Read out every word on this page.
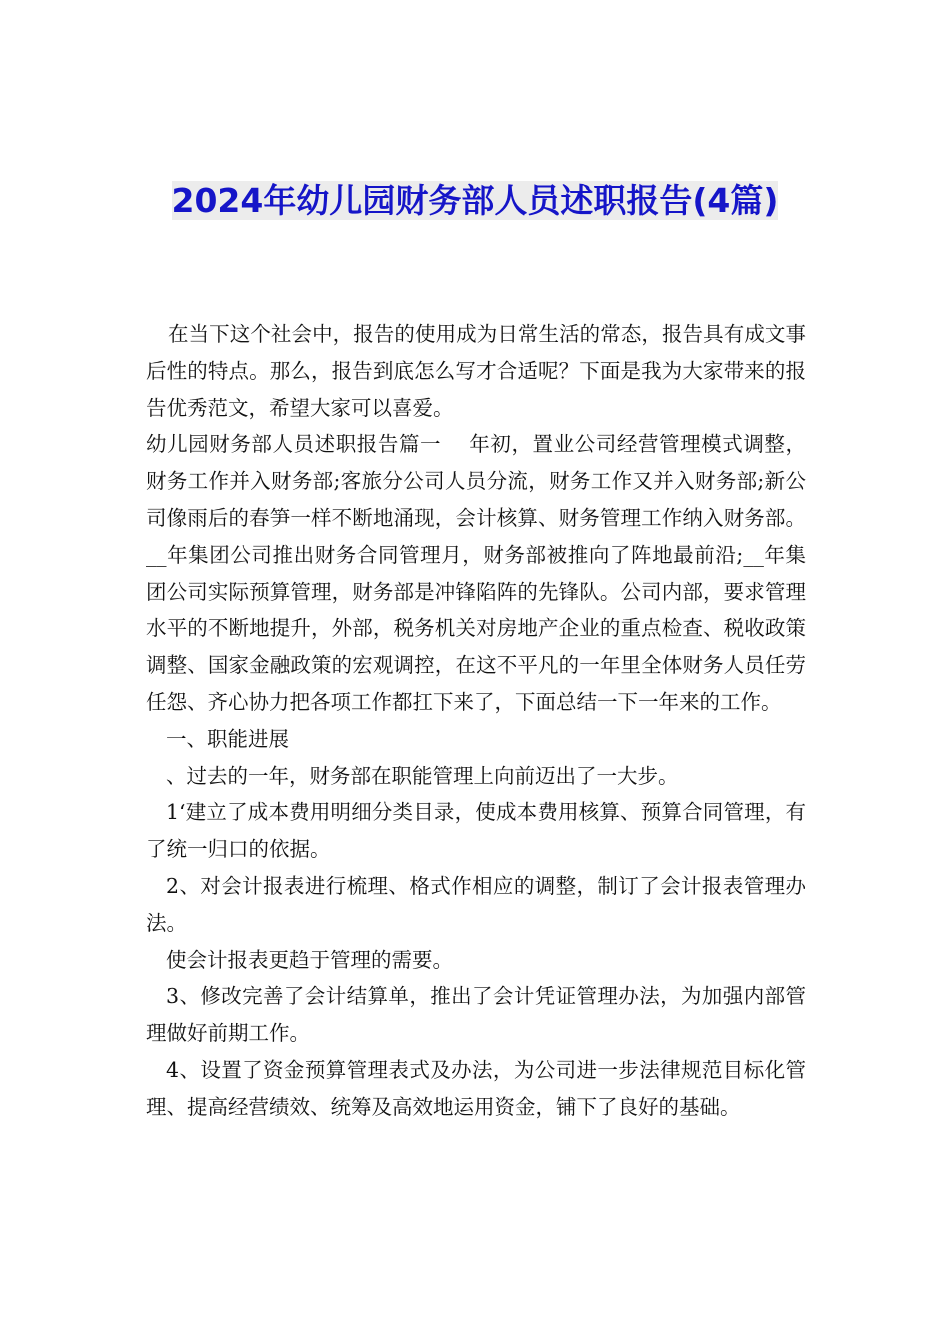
2024年幼儿园财务部人员述职报告(4篇)

在当下这个社会中，报告的使用成为日常生活的常态，报告具有成文事后性的特点。那么，报告到底怎么写才合适呢？下面是我为大家带来的报告优秀范文，希望大家可以喜爱。

幼儿园财务部人员述职报告篇一　 年初，置业公司经营管理模式调整，财务工作并入财务部;客旅分公司人员分流，财务工作又并入财务部;新公司像雨后的春笋一样不断地涌现，会计核算、财务管理工作纳入财务部。__年集团公司推出财务合同管理月，财务部被推向了阵地最前沿;__年集团公司实际预算管理，财务部是冲锋陷阵的先锋队。公司内部，要求管理水平的不断地提升，外部，税务机关对房地产企业的重点检查、税收政策调整、国家金融政策的宏观调控，在这不平凡的一年里全体财务人员任劳任怨、齐心协力把各项工作都扛下来了，下面总结一下一年来的工作。

一、职能进展

、过去的一年，财务部在职能管理上向前迈出了一大步。

1‘建立了成本费用明细分类目录，使成本费用核算、预算合同管理，有了统一归口的依据。

2、对会计报表进行梳理、格式作相应的调整，制订了会计报表管理办法。

使会计报表更趋于管理的需要。

3、修改完善了会计结算单，推出了会计凭证管理办法，为加强内部管理做好前期工作。

4、设置了资金预算管理表式及办法，为公司进一步法律规范目标化管理、提高经营绩效、统筹及高效地运用资金，铺下了良好的基础。
